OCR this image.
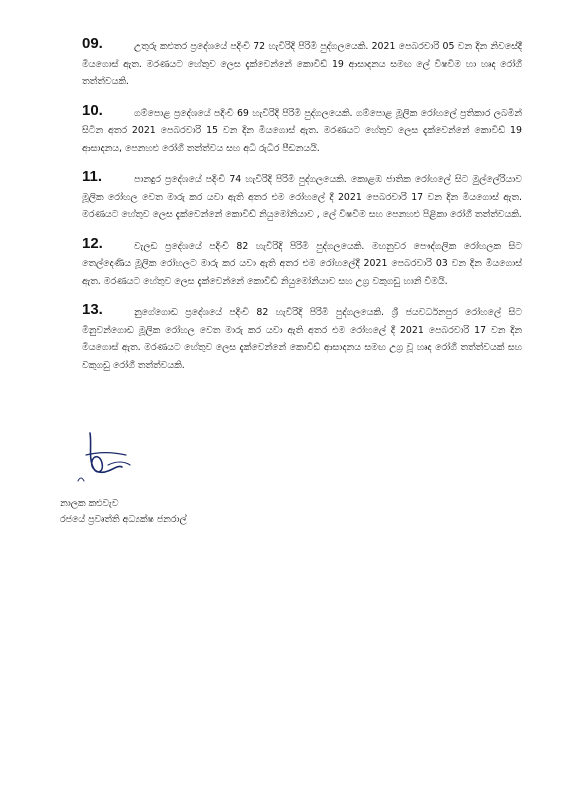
09.	උතුරු කළුතර ප්‍රදේශයේ පදිංචි 72 හැවිරිදි පිරිමි පුද්ගලයෙකි. 2021 පෙබරවාරි 05 වන දින නිවසේදී මියගොස් ඇත. මරණයට හේතුව ලෙස දැක්වෙන්නේ කොවිඩ් 19 ආසාදනය සමඟ ලේ විෂවීම හා හෘද රෝගී තත්ත්වයකි.

10.	ගම්පොළ ප්‍රදේශයේ පදිංචි 69 හැවිරිදි පිරිමි පුද්ගලයෙකි. ගම්පොළ මූලික රෝහලේ ප්‍රතිකාර ලබමින් සිටින අතර 2021 පෙබරවාරි 15 වන දින මියගොස් ඇත. මරණයට හේතුව ලෙස දැක්වෙන්නේ කොවිඩ් 19 ආසාදනය, පෙනහළු රෝගී තත්ත්වය සහ අධි රුධිර පීඩනයයි.

11.	පානදුර ප්‍රදේශයේ පදිංචි 74 හැවිරිදි පිරිමි පුද්ගලයෙකි. කොළඹ ජාතික රෝහලේ සිට මුල්ලේරියාව මූලික රෝහල වෙත මාරු කර යවා ඇති අතර එම රෝහලේ දී 2021 පෙබරවාරි 17 වන දින මියගොස් ඇත. මරණයට හේතුව ලෙස දැක්වෙන්නේ කොවිඩ් නියුමෝනියාව , ලේ විෂවීම සහ පෙනහළු පිළිකා රෝගී තත්ත්වයකි.

12.	වැලඩ ප්‍රදේශයේ පදිංචි 82 හැවිරිදි පිරිමි පුද්ගලයෙකි. මහනුවර පෞද්ගලික රෝහලක සිට තෙල්දෙණිය මූලික රෝහලට මාරු කර යවා ඇති අතර එම රෝහලේදී 2021 පෙබරවාරි 03 වන දින මියගොස් ඇත. මරණයට හේතුව ලෙස දැක්වෙන්නේ කොවිඩ් නියුමෝනියාව සහ උග්‍ර වකුගඩු හානි වීමයි.

13.	නුගේගොඩ ප්‍රදේශයේ පදිංචි 82 හැවිරිදි පිරිමි පුද්ගලයෙකි. ශ්‍රී ජයවර්ධනපුර රෝහලේ සිට මිනුවන්ගොඩ මූලික රෝහල වෙත මාරු කර යවා ඇති අතර එම රෝහලේ දී 2021 පෙබරවාරි 17 වන දින මියගොස් ඇත. මරණයට හේතුව ලෙස දැක්වෙන්නේ කොවිඩ් ආසාදනය සමඟ උග්‍ර වූ හෘද රෝගී තත්ත්වයක් සහ වකුගඩු රෝගී තත්ත්වයකි.

නාලක කළුවැව
රජයේ ප්‍රවෘත්ති අධ්‍යක්ෂ ජනරාල්
